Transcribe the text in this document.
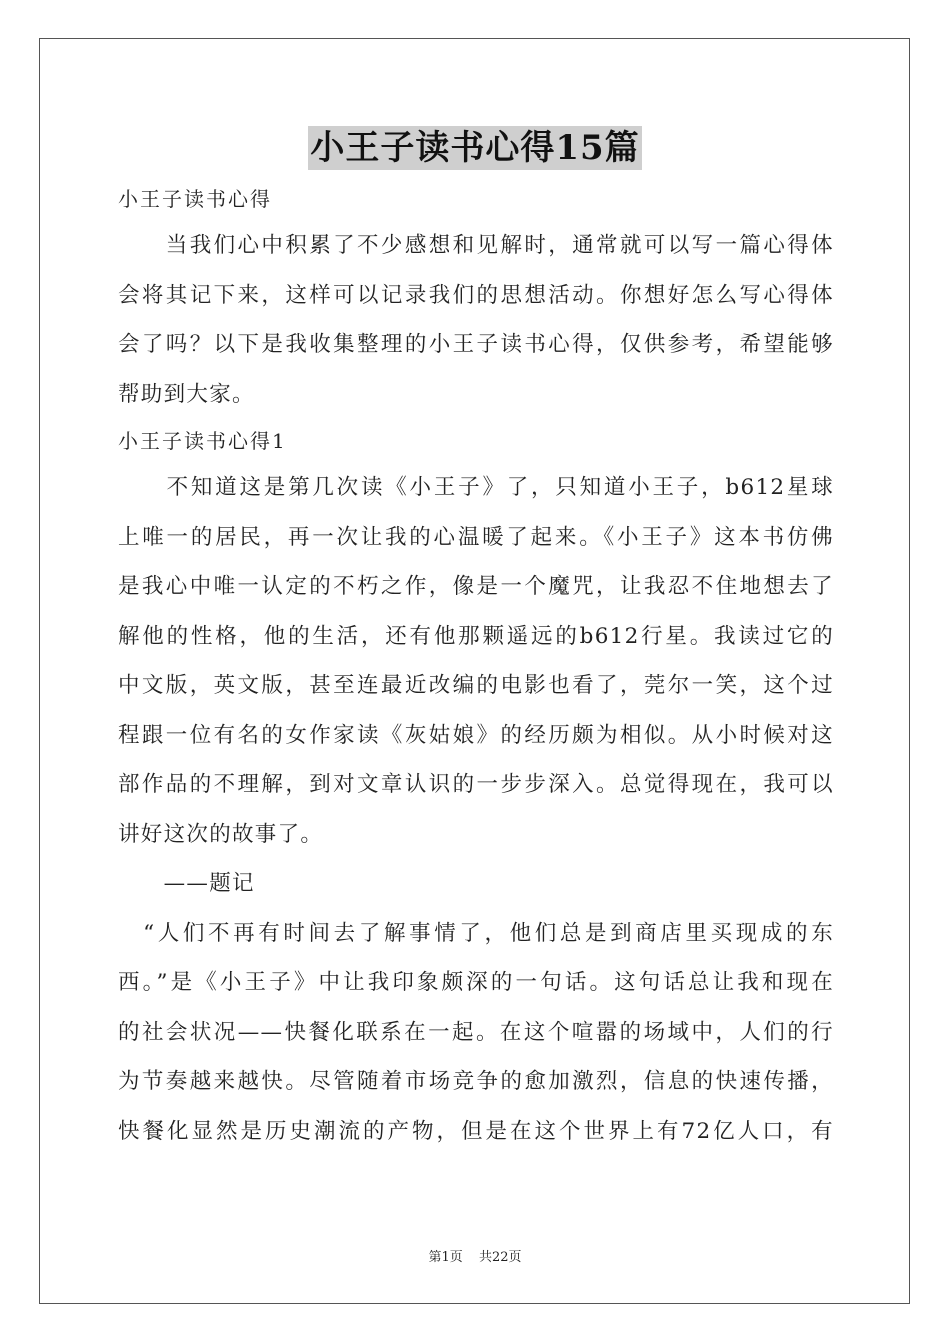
小王子读书心得15篇
小王子读书心得
　　当我们心中积累了不少感想和见解时，通常就可以写一篇心得体
会将其记下来，这样可以记录我们的思想活动。你想好怎么写心得体
会了吗？以下是我收集整理的小王子读书心得，仅供参考，希望能够
帮助到大家。
小王子读书心得1
　　不知道这是第几次读《小王子》了，只知道小王子，b612星球
上唯一的居民，再一次让我的心温暖了起来。《小王子》这本书仿佛
是我心中唯一认定的不朽之作，像是一个魔咒，让我忍不住地想去了
解他的性格，他的生活，还有他那颗遥远的b612行星。我读过它的
中文版，英文版，甚至连最近改编的电影也看了，莞尔一笑，这个过
程跟一位有名的女作家读《灰姑娘》的经历颇为相似。从小时候对这
部作品的不理解，到对文章认识的一步步深入。总觉得现在，我可以
讲好这次的故事了。
　　——题记
　“人们不再有时间去了解事情了，他们总是到商店里买现成的东
西。”是《小王子》中让我印象颇深的一句话。这句话总让我和现在
的社会状况——快餐化联系在一起。在这个喧嚣的场域中，人们的行
为节奏越来越快。尽管随着市场竞争的愈加激烈，信息的快速传播，
快餐化显然是历史潮流的产物，但是在这个世界上有72亿人口，有
第1页 共22页
